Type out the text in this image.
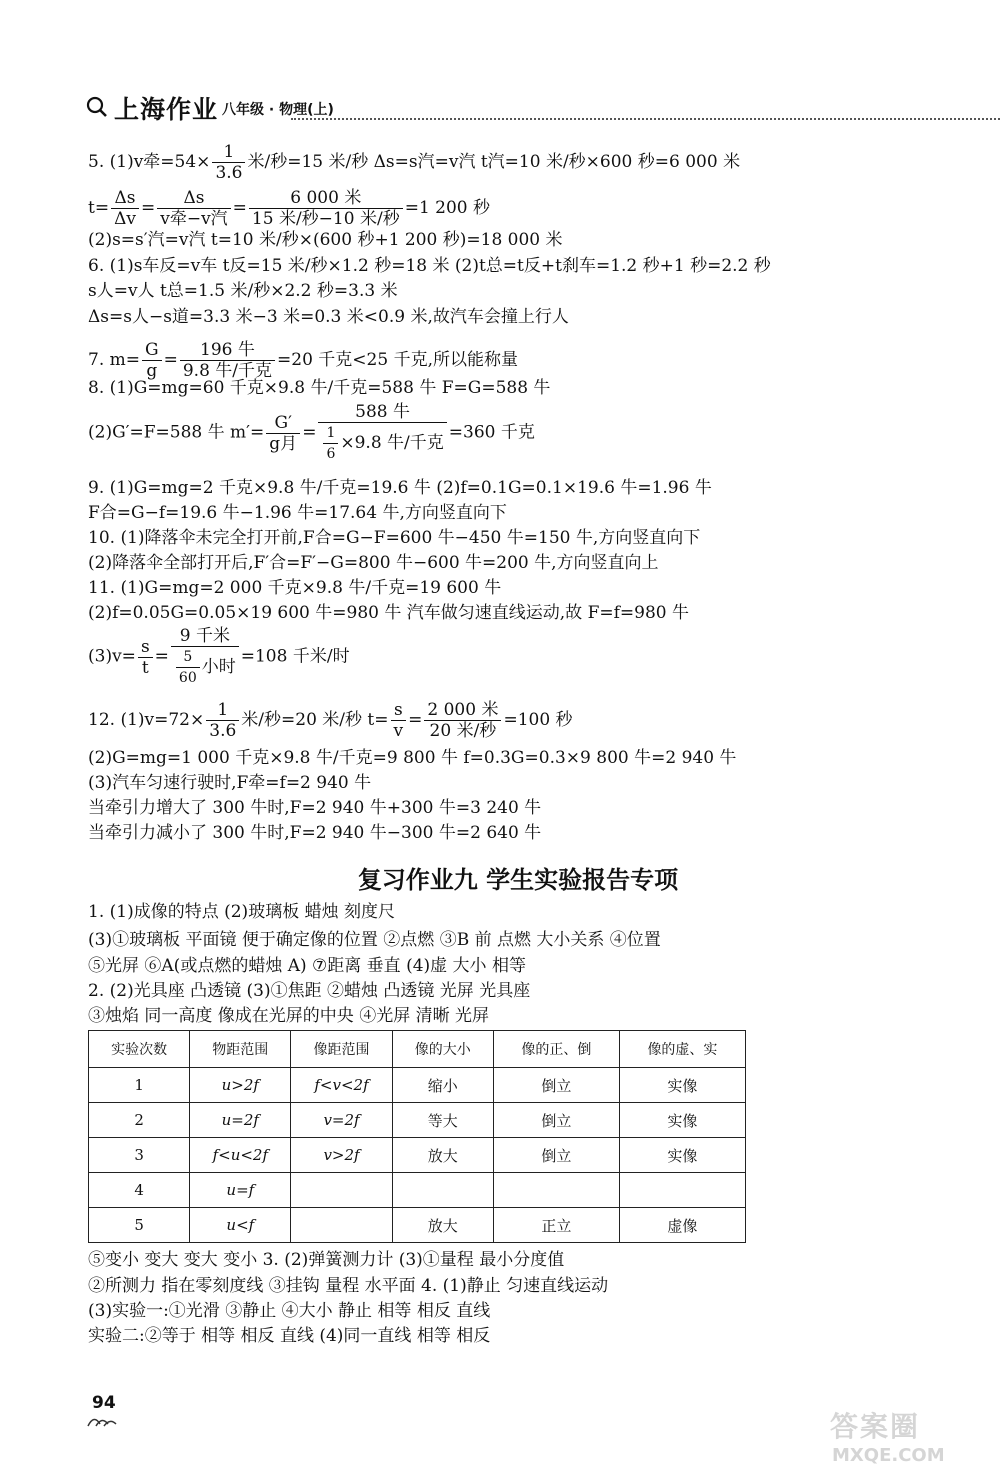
上海作业 八年级 · 物理(上)
5. (1)v牵$=54\times \frac{1}{3.6}$ 米/秒=15 米/秒 Δs=s汽=v汽 t汽=10 米/秒×600 秒=6 000 米
$t= \frac{\Delta s}{\Delta v} = \frac{\Delta s}{\text{v牵−v汽}} = \frac{\text{6 000 米}}{\text{15 米/秒−10 米/秒}} =1$ 200 秒
(2)s=s′汽=v汽 t=10 米/秒×(600 秒+1 200 秒)=18 000 米
6. (1)s车反=v车 t反=15 米/秒×1.2 秒=18 米 (2)t总=t反+t刹车=1.2 秒+1 秒=2.2 秒
s人=v人 t总=1.5 米/秒×2.2 秒=3.3 米
Δs=s人−s道=3.3 米−3 米=0.3 米<0.9 米,故汽车会撞上行人
7. $m= \frac{G}{g} = \frac{\text{196 牛}}{\text{9.8 牛/千克}} =20$ 千克<25 千克,所以能称量
8. (1)G=mg=60 千克×9.8 牛/千克=588 牛 F=G=588 牛
(2)G′=F=588 牛 $m'= \frac{G'}{\text{g月}} = \frac{\text{588 牛}}{\frac{1}{6} \times 9.8 牛/千克} =360$ 千克
9. (1)G=mg=2 千克×9.8 牛/千克=19.6 牛 (2)f=0.1G=0.1×19.6 牛=1.96 牛
F合=G−f=19.6 牛−1.96 牛=17.64 牛,方向竖直向下
10. (1)降落伞未完全打开前,F合=G−F=600 牛−450 牛=150 牛,方向竖直向下
(2)降落伞全部打开后,F′合=F′−G=800 牛−600 牛=200 牛,方向竖直向上
11. (1)G=mg=2 000 千克×9.8 牛/千克=19 600 牛
(2)f=0.05G=0.05×19 600 牛=980 牛 汽车做匀速直线运动,故 F=f=980 牛
$(3)v= \frac{s}{t} = \frac{\text{9 千米}}{\frac{5}{60} 小时} =108$ 千米/时
12. $(1)v=72\times \frac{1}{3.6}$ 米/秒=20 米/秒 $t= \frac{s}{v} = \frac{\text{2 000 米}}{\text{20 米/秒}} =100$ 秒
(2)G=mg=1 000 千克×9.8 牛/千克=9 800 牛 f=0.3G=0.3×9 800 牛=2 940 牛
(3)汽车匀速行驶时,F牵=f=2 940 牛
当牵引力增大了 300 牛时,F=2 940 牛+300 牛=3 240 牛
当牵引力减小了 300 牛时,F=2 940 牛−300 牛=2 640 牛
复习作业九 学生实验报告专项
1. (1)成像的特点 (2)玻璃板 蜡烛 刻度尺
(3)①玻璃板 平面镜 便于确定像的位置 ②点燃 ③B 前 点燃 大小关系 ④位置
⑤光屏 ⑥A(或点燃的蜡烛 A) ⑦距离 垂直 (4)虚 大小 相等
2. (2)光具座 凸透镜 (3)①焦距 ②蜡烛 凸透镜 光屏 光具座
③烛焰 同一高度 像成在光屏的中央 ④光屏 清晰 光屏
实验次数	物距范围	像距范围	像的大小	像的正、倒	像的虚、实
1	u>2f	f<v<2f	缩小	倒立	实像
2	u=2f	v=2f	等大	倒立	实像
3	f<u<2f	v>2f	放大	倒立	实像
4	u=f				
5	u<f		放大	正立	虚像
⑤变小 变大 变大 变小 3. (2)弹簧测力计 (3)①量程 最小分度值
②所测力 指在零刻度线 ③挂钩 量程 水平面 4. (1)静止 匀速直线运动
(3)实验一:①光滑 ③静止 ④大小 静止 相等 相反 直线
实验二:②等于 相等 相反 直线 (4)同一直线 相等 相反
94
答案圈
MXQE.COM
